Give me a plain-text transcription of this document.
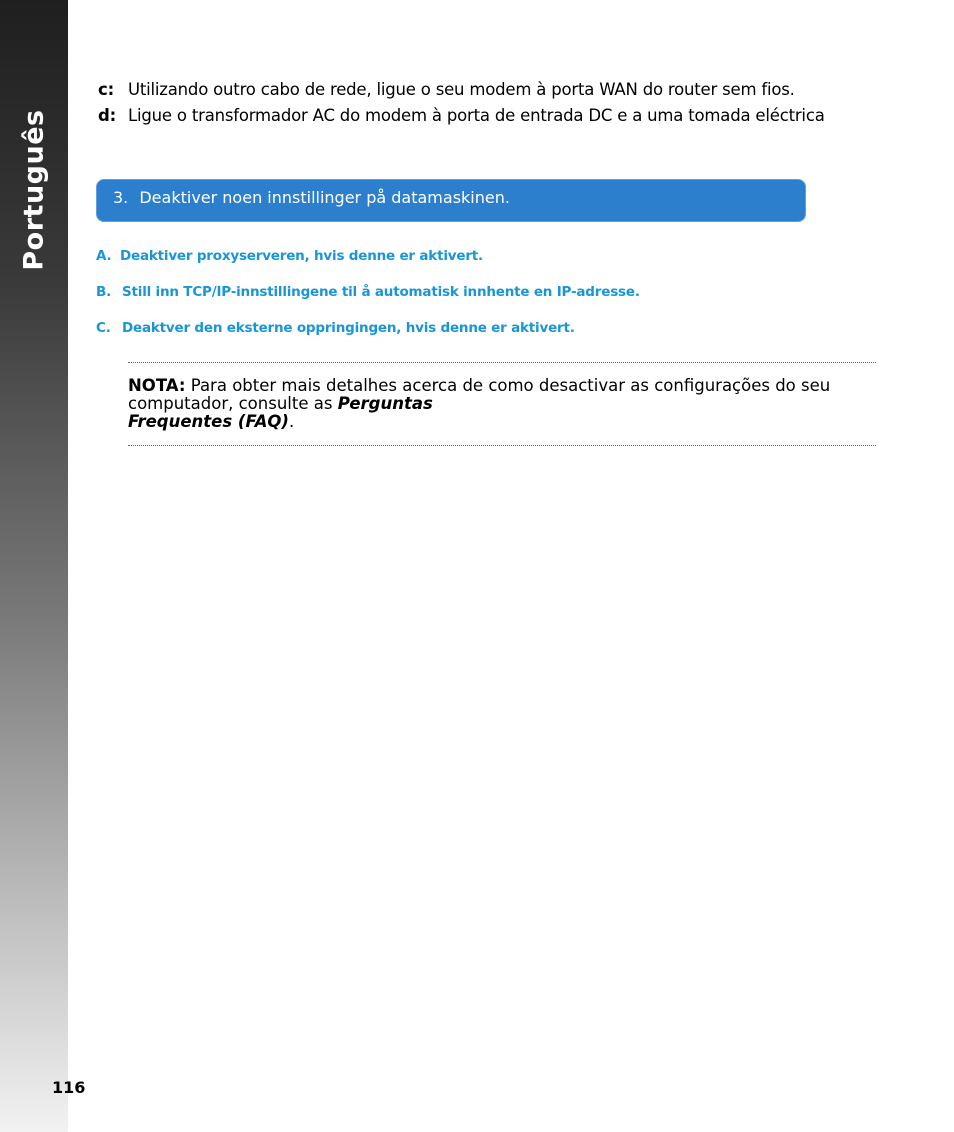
Português
116
c: Utilizando outro cabo de rede, ligue o seu modem à porta WAN do router sem fios.
d: Ligue o transformador AC do modem à porta de entrada DC e a uma tomada eléctrica
3. Deaktiver noen innstillinger på datamaskinen.
A. Deaktiver proxyserveren, hvis denne er aktivert.
B. Still inn TCP/IP-innstillingene til å automatisk innhente en IP-adresse.
C. Deaktver den eksterne oppringingen, hvis denne er aktivert.
NOTA: Para obter mais detalhes acerca de como desactivar as configurações do seu computador, consulte as Perguntas
Frequentes (FAQ).
